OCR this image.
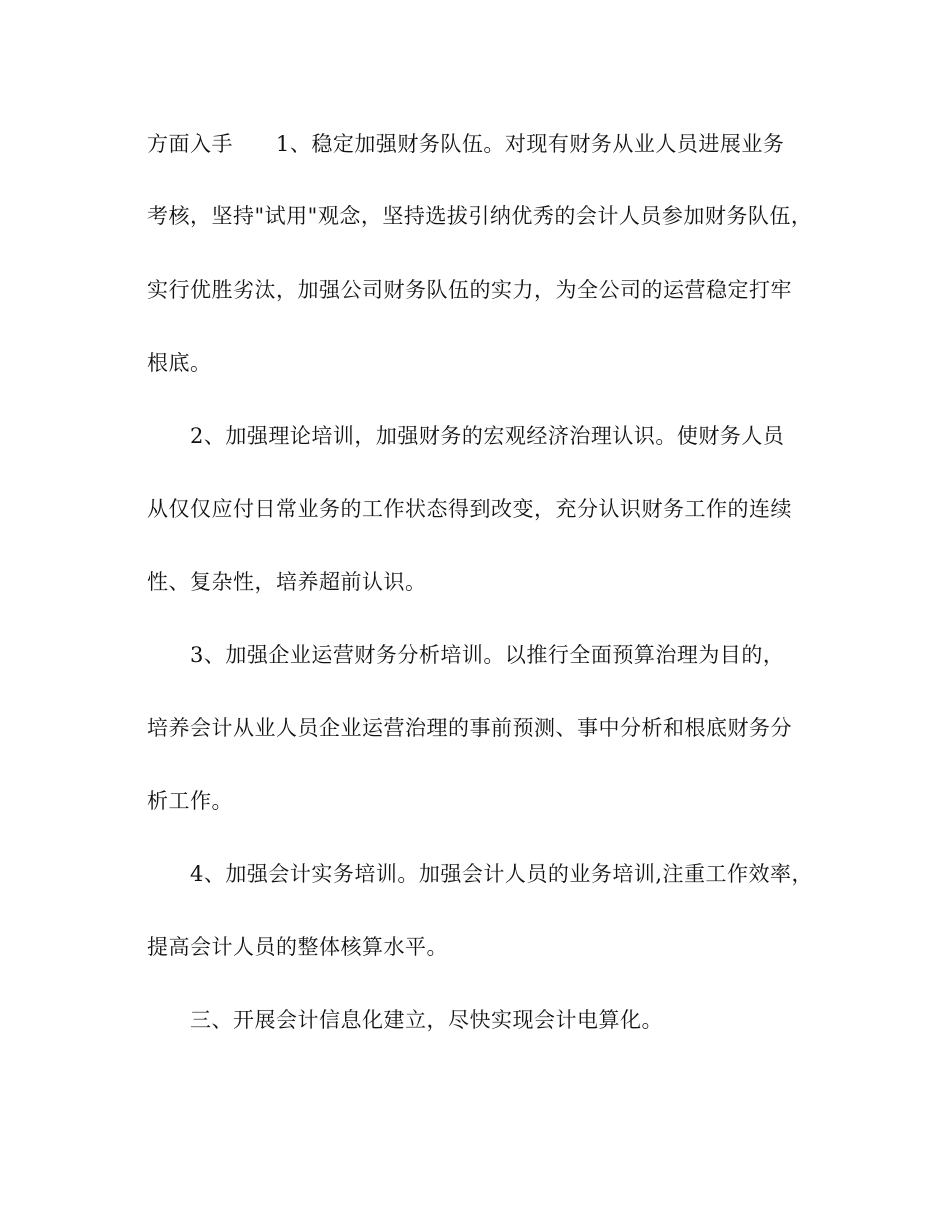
方面入手　　1、稳定加强财务队伍。对现有财务从业人员进展业务

考核，坚持"试用"观念，坚持选拔引纳优秀的会计人员参加财务队伍，

实行优胜劣汰，加强公司财务队伍的实力，为全公司的运营稳定打牢

根底。

2、加强理论培训，加强财务的宏观经济治理认识。使财务人员

从仅仅应付日常业务的工作状态得到改变，充分认识财务工作的连续

性、复杂性，培养超前认识。

3、加强企业运营财务分析培训。以推行全面预算治理为目的，

培养会计从业人员企业运营治理的事前预测、事中分析和根底财务分

析工作。

4、加强会计实务培训。加强会计人员的业务培训,注重工作效率，

提高会计人员的整体核算水平。

三、开展会计信息化建立，尽快实现会计电算化。
